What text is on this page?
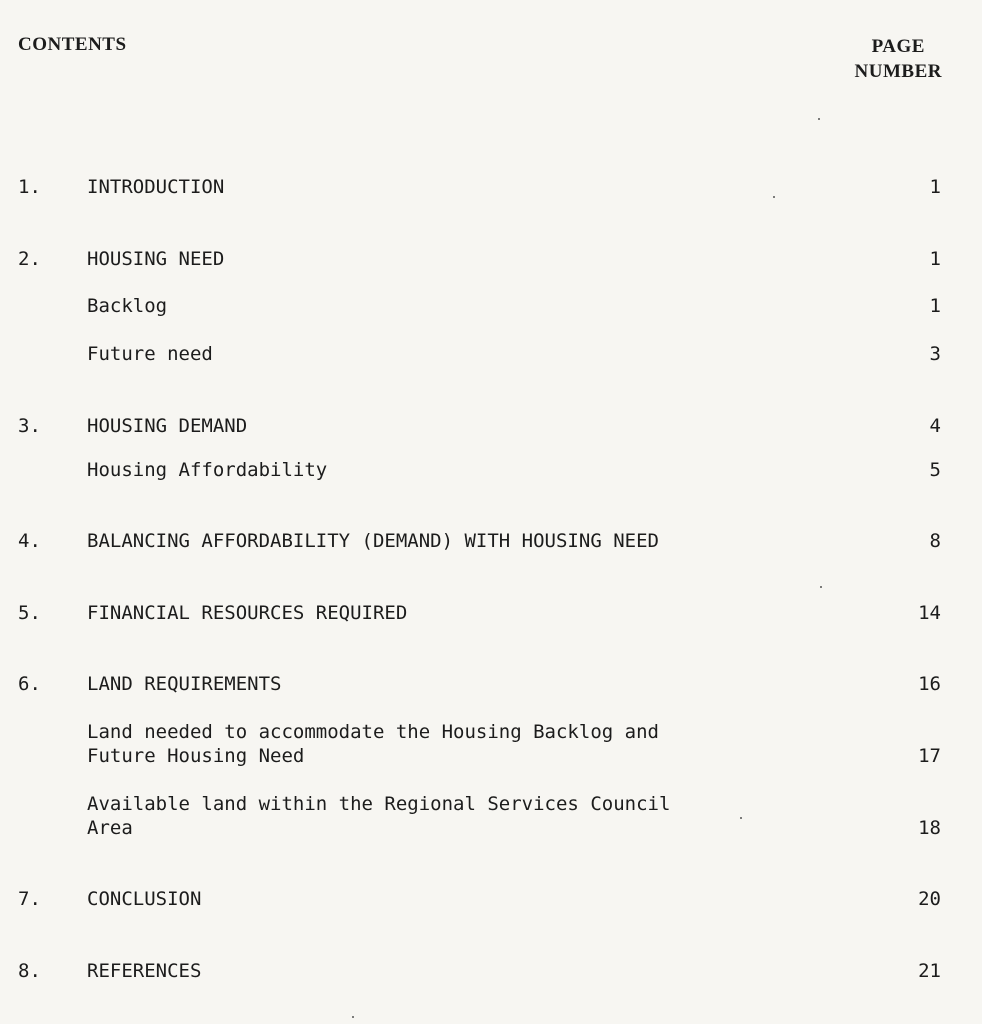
CONTENTS	PAGE
NUMBER
1. INTRODUCTION	1
2. HOUSING NEED	1
Backlog	1
Future need	3
3. HOUSING DEMAND	4
Housing Affordability	5
4. BALANCING AFFORDABILITY (DEMAND) WITH HOUSING NEED	8
5. FINANCIAL RESOURCES REQUIRED	14
6. LAND REQUIREMENTS	16
Land needed to accommodate the Housing Backlog and
Future Housing Need	17
Available land within the Regional Services Council
Area	18
7. CONCLUSION	20
8. REFERENCES	21
